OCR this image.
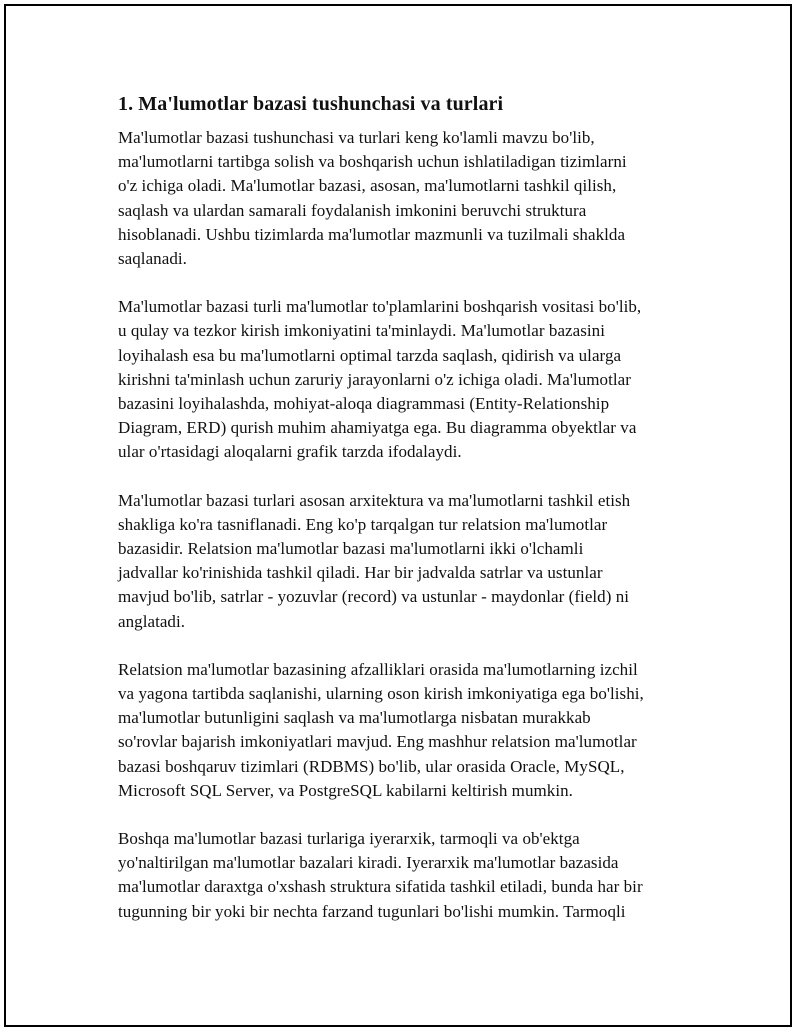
1. Ma'lumotlar bazasi tushunchasi va turlari
Ma'lumotlar bazasi tushunchasi va turlari keng ko'lamli mavzu bo'lib,
ma'lumotlarni tartibga solish va boshqarish uchun ishlatiladigan tizimlarni
o'z ichiga oladi. Ma'lumotlar bazasi, asosan, ma'lumotlarni tashkil qilish,
saqlash va ulardan samarali foydalanish imkonini beruvchi struktura
hisoblanadi. Ushbu tizimlarda ma'lumotlar mazmunli va tuzilmali shaklda
saqlanadi.
Ma'lumotlar bazasi turli ma'lumotlar to'plamlarini boshqarish vositasi bo'lib,
u qulay va tezkor kirish imkoniyatini ta'minlaydi. Ma'lumotlar bazasini
loyihalash esa bu ma'lumotlarni optimal tarzda saqlash, qidirish va ularga
kirishni ta'minlash uchun zaruriy jarayonlarni o'z ichiga oladi. Ma'lumotlar
bazasini loyihalashda, mohiyat-aloqa diagrammasi (Entity-Relationship
Diagram, ERD) qurish muhim ahamiyatga ega. Bu diagramma obyektlar va
ular o'rtasidagi aloqalarni grafik tarzda ifodalaydi.
Ma'lumotlar bazasi turlari asosan arxitektura va ma'lumotlarni tashkil etish
shakliga ko'ra tasniflanadi. Eng ko'p tarqalgan tur relatsion ma'lumotlar
bazasidir. Relatsion ma'lumotlar bazasi ma'lumotlarni ikki o'lchamli
jadvallar ko'rinishida tashkil qiladi. Har bir jadvalda satrlar va ustunlar
mavjud bo'lib, satrlar - yozuvlar (record) va ustunlar - maydonlar (field) ni
anglatadi.
Relatsion ma'lumotlar bazasining afzalliklari orasida ma'lumotlarning izchil
va yagona tartibda saqlanishi, ularning oson kirish imkoniyatiga ega bo'lishi,
ma'lumotlar butunligini saqlash va ma'lumotlarga nisbatan murakkab
so'rovlar bajarish imkoniyatlari mavjud. Eng mashhur relatsion ma'lumotlar
bazasi boshqaruv tizimlari (RDBMS) bo'lib, ular orasida Oracle, MySQL,
Microsoft SQL Server, va PostgreSQL kabilarni keltirish mumkin.
Boshqa ma'lumotlar bazasi turlariga iyerarxik, tarmoqli va ob'ektga
yo'naltirilgan ma'lumotlar bazalari kiradi. Iyerarxik ma'lumotlar bazasida
ma'lumotlar daraxtga o'xshash struktura sifatida tashkil etiladi, bunda har bir
tugunning bir yoki bir nechta farzand tugunlari bo'lishi mumkin. Tarmoqli
